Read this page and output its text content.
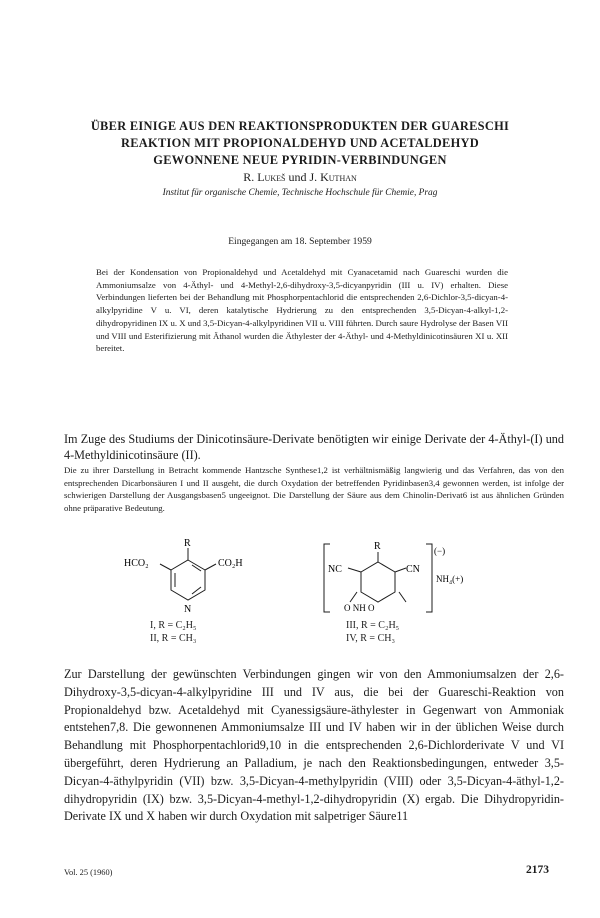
ÜBER EINIGE AUS DEN REAKTIONSPRODUKTEN DER GUARESCHI
REAKTION MIT PROPIONALDEHYD UND ACETALDEHYD
GEWONNENE NEUE PYRIDIN-VERBINDUNGEN
R. Lukeš und J. Kuthan
Institut für organische Chemie, Technische Hochschule für Chemie, Prag
Eingegangen am 18. September 1959

Bei der Kondensation von Propionaldehyd und Acetaldehyd mit Cyanacetamid nach Guareschi wurden die Ammoniumsalze von 4-Äthyl- und 4-Methyl-2,6-dihydroxy-3,5-dicyanpyridin (III u. IV) erhalten. Diese Verbindungen lieferten bei der Behandlung mit Phosphorpentachlorid die entsprechenden 2,6-Dichlor-3,5-dicyan-4-alkylpyridine V u. VI, deren katalytische Hydrierung zu den entsprechenden 3,5-Dicyan-4-alkyl-1,2-dihydropyridinen IX u. X und 3,5-Dicyan-4-alkylpyridinen VII u. VIII führten. Durch saure Hydrolyse der Basen VII und VIII und Esterifizierung mit Äthanol wurden die Äthylester der 4-Äthyl- und 4-Methyldinicotinsäuren XI u. XII bereitet.

Im Zuge des Studiums der Dinicotinsäure-Derivate benötigten wir einige Derivate der 4-Äthyl-(I) und 4-Methyldinicotinsäure (II).

Die zu ihrer Darstellung in Betracht kommende Hantzsche Synthese1,2 ist verhältnismäßig langwierig und das Verfahren, das von den entsprechenden Dicarbonsäuren I und II ausgeht, die durch Oxydation der betreffenden Pyridinbasen3,4 gewonnen werden, ist infolge der schwierigen Darstellung der Ausgangsbasen5 ungeeignot. Die Darstellung der Säure aus dem Chinolin-Derivat6 ist aus ähnlichen Gründen ohne präparative Bedeutung.

R
HCO₂	CO₂H
N
I, R = C₂H₅
II, R = CH₃
R
NC	CN
O NH O
(−)
NH₄(+)
III, R = C₂H₅
IV, R = CH₃

Zur Darstellung der gewünschten Verbindungen gingen wir von den Ammoniumsalzen der 2,6-Dihydroxy-3,5-dicyan-4-alkylpyridine III und IV aus, die bei der Guareschi-Reaktion von Propionaldehyd bzw. Acetaldehyd mit Cyanessigsäure-äthylester in Gegenwart von Ammoniak entstehen7,8. Die gewonnenen Ammoniumsalze III und IV haben wir in der üblichen Weise durch Behandlung mit Phosphorpentachlorid9,10 in die entsprechenden 2,6-Dichlorderivate V und VI übergeführt, deren Hydrierung an Palladium, je nach den Reaktionsbedingungen, entweder 3,5-Dicyan-4-äthylpyridin (VII) bzw. 3,5-Dicyan-4-methylpyridin (VIII) oder 3,5-Dicyan-4-äthyl-1,2-dihydropyridin (IX) bzw. 3,5-Dicyan-4-methyl-1,2-dihydropyridin (X) ergab. Die Dihydropyridin-Derivate IX und X haben wir durch Oxydation mit salpetriger Säure11

Vol. 25 (1960)	2173
